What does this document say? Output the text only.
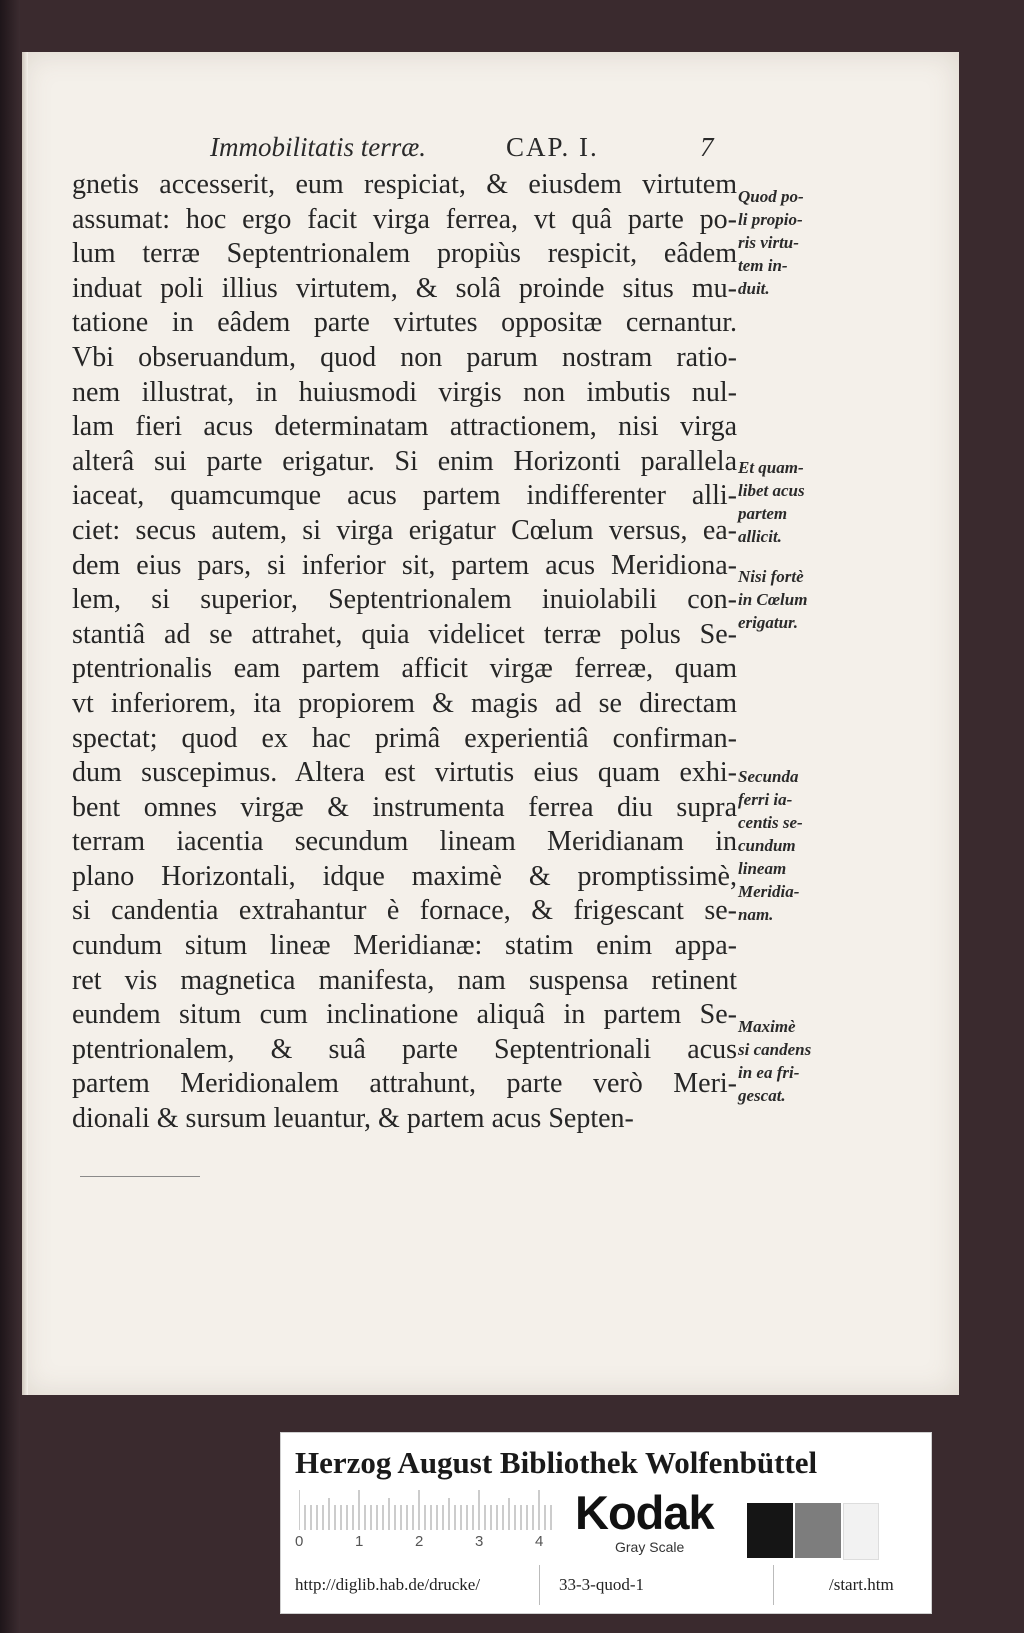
Immobilitatis terræ.	CAP. I.	7
gnetis accesserit, eum respiciat, & eiusdem virtutem
assumat: hoc ergo facit virga ferrea, vt quâ parte po-
lum terræ Septentrionalem propiùs respicit, eâdem
induat poli illius virtutem, & solâ proinde situs mu-
tatione in eâdem parte virtutes oppositæ cernantur.
Vbi obseruandum, quod non parum nostram ratio-
nem illustrat, in huiusmodi virgis non imbutis nul-
lam fieri acus determinatam attractionem, nisi virga
alterâ sui parte erigatur. Si enim Horizonti parallela
iaceat, quamcumque acus partem indifferenter alli-
ciet: secus autem, si virga erigatur Cœlum versus, ea-
dem eius pars, si inferior sit, partem acus Meridiona-
lem, si superior, Septentrionalem inuiolabili con-
stantiâ ad se attrahet, quia videlicet terræ polus Se-
ptentrionalis eam partem afficit virgæ ferreæ, quam
vt inferiorem, ita propiorem & magis ad se directam
spectat; quod ex hac primâ experientiâ confirman-
dum suscepimus. Altera est virtutis eius quam exhi-
bent omnes virgæ & instrumenta ferrea diu supra
terram iacentia secundum lineam Meridianam in
plano Horizontali, idque maximè & promptissimè,
si candentia extrahantur è fornace, & frigescant se-
cundum situm lineæ Meridianæ: statim enim appa-
ret vis magnetica manifesta, nam suspensa retinent
eundem situm cum inclinatione aliquâ in partem Se-
ptentrionalem, & suâ parte Septentrionali acus
partem Meridionalem attrahunt, parte verò Meri-
dionali & sursum leuantur, & partem acus Septen-
Quod po-
li propio-
ris virtu-
tem in-
duit.
Et quam-
libet acus
partem
allicit.
Nisi fortè
in Cœlum
erigatur.
Secunda
ferri ia-
centis se-
cundum
lineam
Meridia-
nam.
Maximè
si candens
in ea fri-
gescat.
Herzog August Bibliothek Wolfenbüttel
0	1	2	3	4
Kodak
Gray Scale
http://diglib.hab.de/drucke/	33-3-quod-1	/start.htm
